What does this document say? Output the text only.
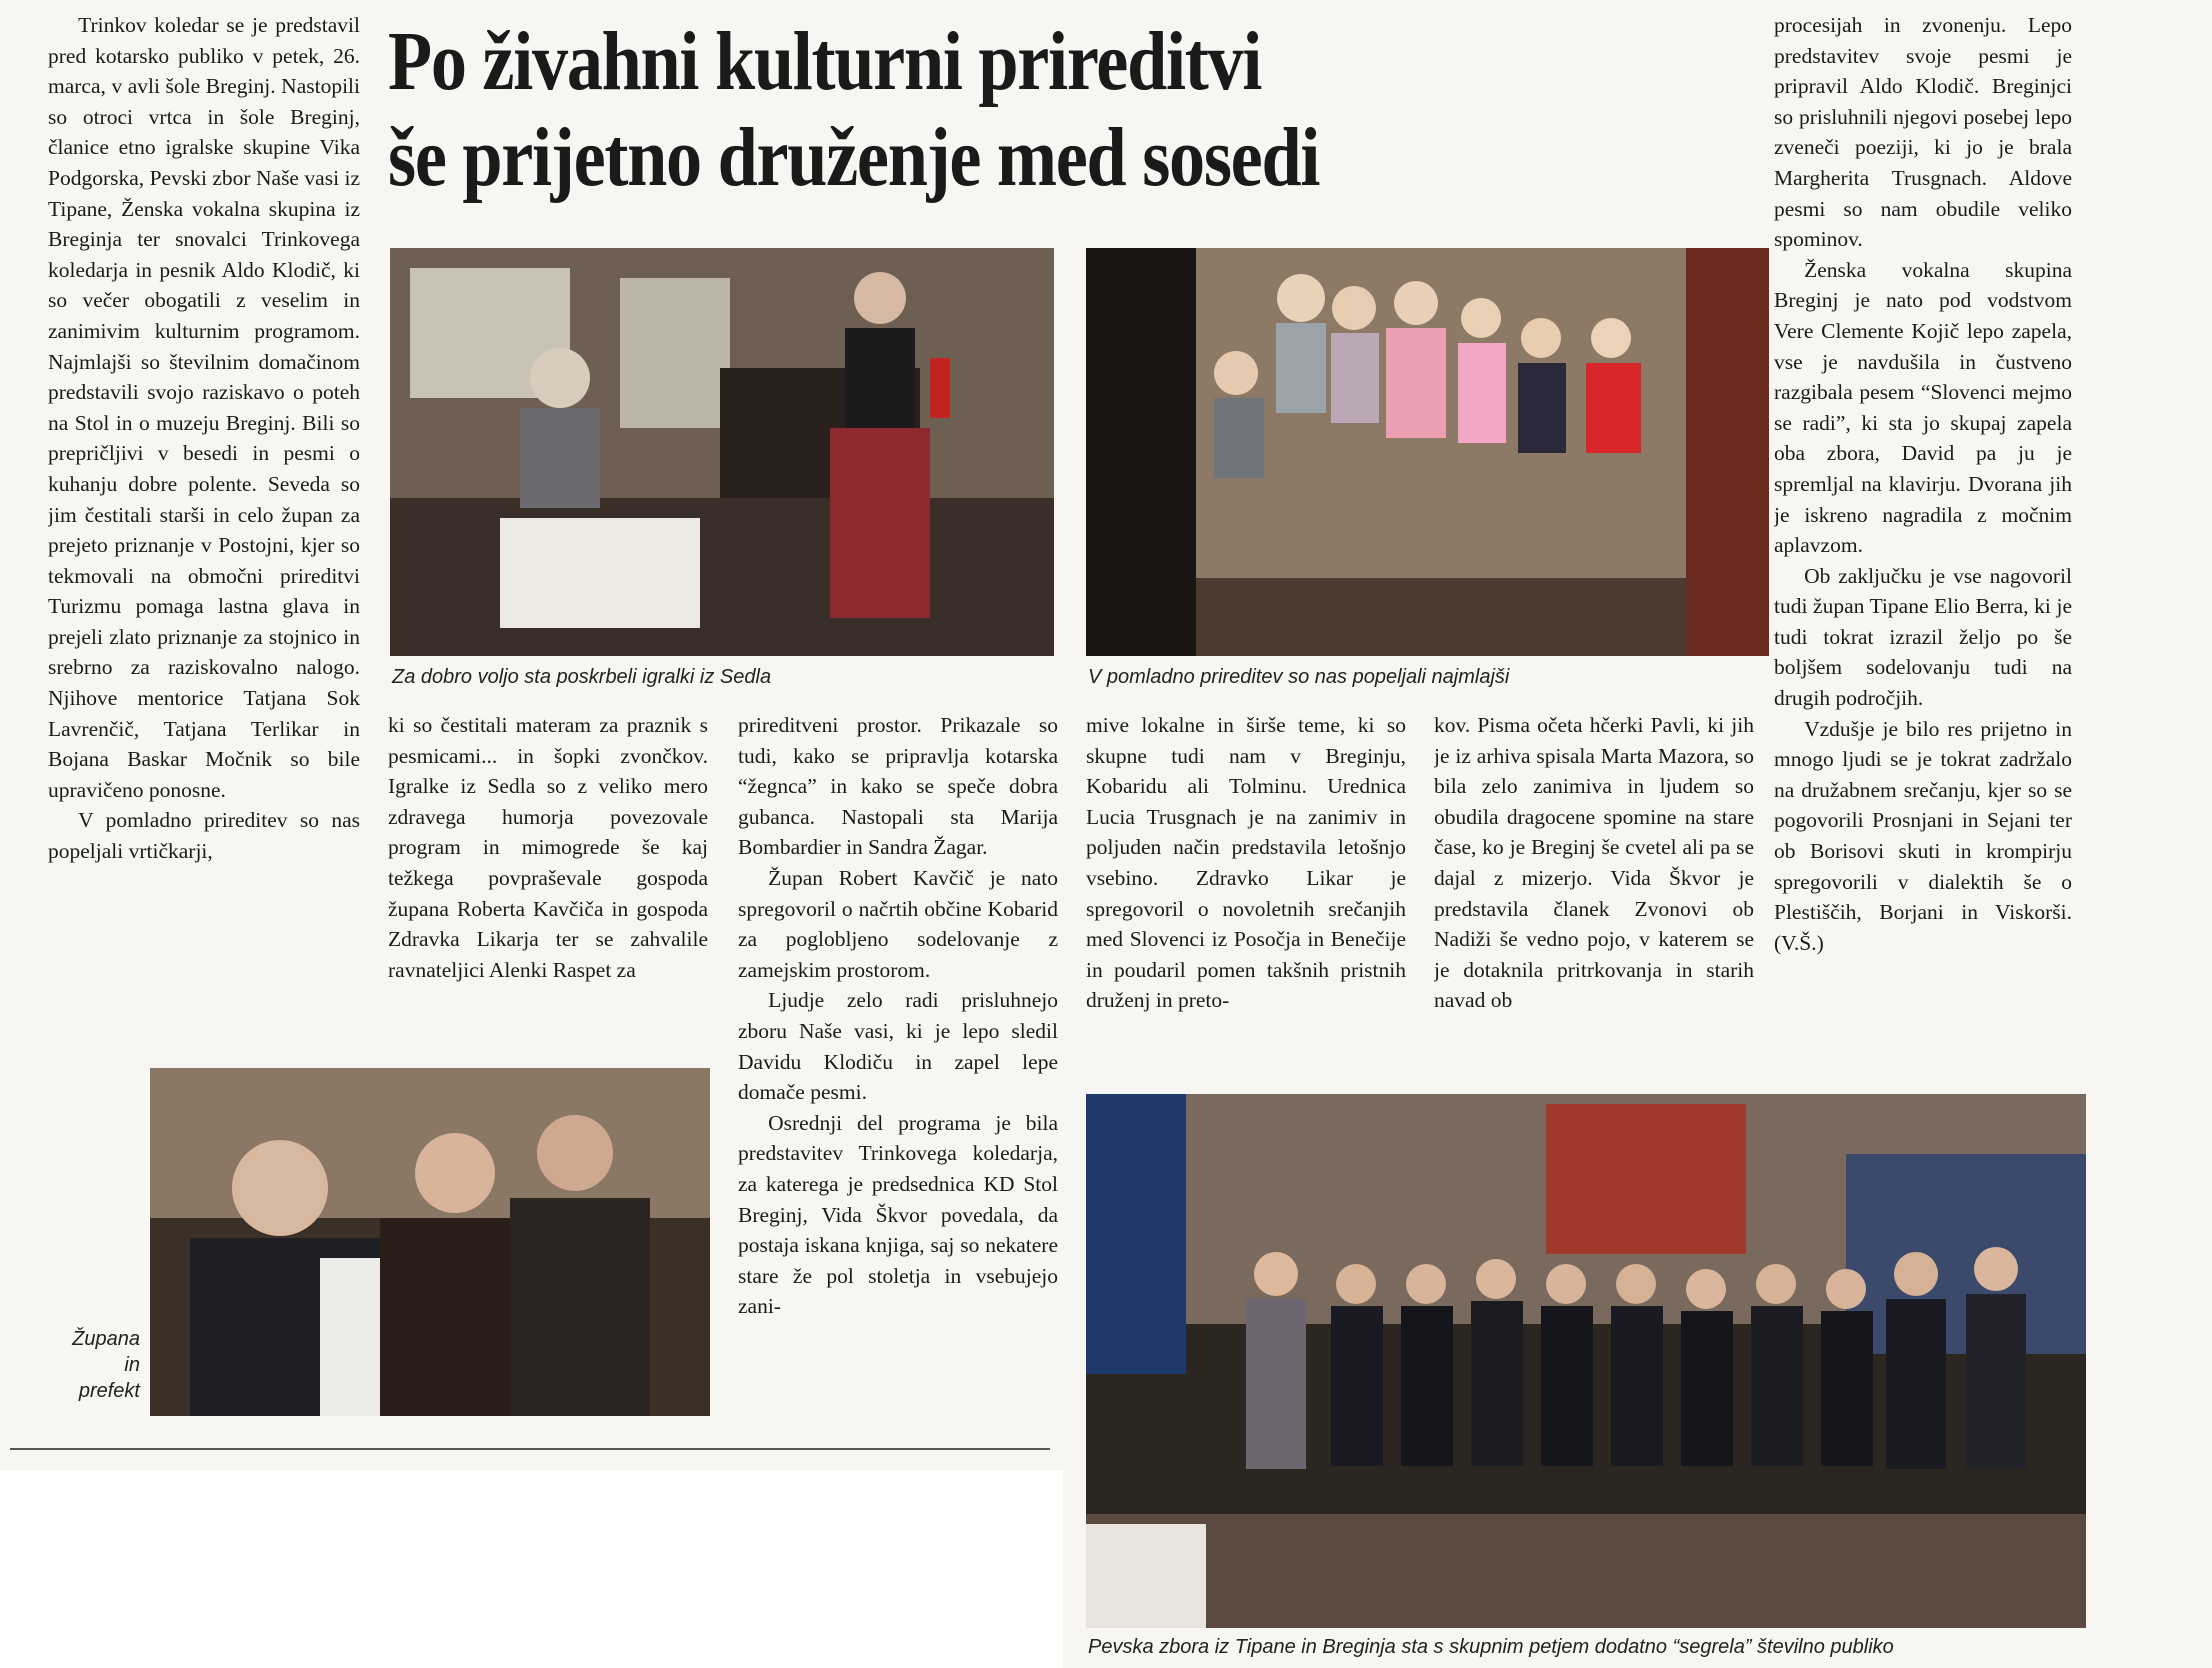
Po živahni kulturni prireditvi
še prijetno druženje med sosedi

Trinkov koledar se je predstavil pred kotarsko publiko v petek, 26. marca, v avli šole Breginj. Nastopili so otroci vrtca in šole Breginj, članice etno igralske skupine Vika Podgorska, Pevski zbor Naše vasi iz Tipane, Ženska vokalna skupina iz Breginja ter snovalci Trinkovega koledarja in pesnik Aldo Klodič, ki so večer obogatili z veselim in zanimivim kulturnim programom. Najmlajši so številnim domačinom predstavili svojo raziskavo o poteh na Stol in o muzeju Breginj. Bili so prepričljivi v besedi in pesmi o kuhanju dobre polente. Seveda so jim čestitali starši in celo župan za prejeto priznanje v Postojni, kjer so tekmovali na območni prireditvi Turizmu pomaga lastna glava in prejeli zlato priznanje za stojnico in srebrno za raziskovalno nalogo. Njihove mentorice Tatjana Sok Lavrenčič, Tatjana Terlikar in Bojana Baskar Močnik so bile upravičeno ponosne.

V pomladno prireditev so nas popeljali vrtičkarji,

Za dobro voljo sta poskrbeli igralki iz Sedla	V pomladno prireditev so nas popeljali najmlajši

procesijah in zvonenju. Lepo predstavitev svoje pesmi je pripravil Aldo Klodič. Breginjci so prisluhnili njegovi posebej lepo zveneči poeziji, ki jo je brala Margherita Trusgnach. Aldove pesmi so nam obudile veliko spominov.

Ženska vokalna skupina Breginj je nato pod vodstvom Vere Clemente Kojič lepo zapela, vse je navdušila in čustveno razgibala pesem “Slovenci mejmo se radi”, ki sta jo skupaj zapela oba zbora, David pa ju je spremljal na klavirju. Dvorana jih je iskreno nagradila z močnim aplavzom.

Ob zaključku je vse nagovoril tudi župan Tipane Elio Berra, ki je tudi tokrat izrazil željo po še boljšem sodelovanju tudi na drugih področjih.

Vzdušje je bilo res prijetno in mnogo ljudi se je tokrat zadržalo na družabnem srečanju, kjer so se pogovorili Prosnjani in Sejani ter ob Borisovi skuti in krompirju spregovorili v dialektih še o Plestiščih, Borjani in Viskorši. (V.Š.)

ki so čestitali materam za praznik s pesmicami... in šopki zvončkov. Igralke iz Sedla so z veliko mero zdravega humorja povezovale program in mimogrede še kaj težkega povpraševale gospoda župana Roberta Kavčiča in gospoda Zdravka Likarja ter se zahvalile ravnateljici Alenki Raspet za

prireditveni prostor. Prikazale so tudi, kako se pripravlja kotarska “žegnca” in kako se speče dobra gubanca. Nastopali sta Marija Bombardier in Sandra Žagar.

Župan Robert Kavčič je nato spregovoril o načrtih občine Kobarid za poglobljeno sodelovanje z zamejskim prostorom.

Ljudje zelo radi prisluhnejo zboru Naše vasi, ki je lepo sledil Davidu Klodiču in zapel lepe domače pesmi.

Osrednji del programa je bila predstavitev Trinkovega koledarja, za katerega je predsednica KD Stol Breginj, Vida Škvor povedala, da postaja iskana knjiga, saj so nekatere stare že pol stoletja in vsebujejo zani-

mive lokalne in širše teme, ki so skupne tudi nam v Breginju, Kobaridu ali Tolminu. Urednica Lucia Trusgnach je na zanimiv in poljuden način predstavila letošnjo vsebino. Zdravko Likar je spregovoril o novoletnih srečanjih med Slovenci iz Posočja in Benečije in poudaril pomen takšnih pristnih druženj in preto-

kov. Pisma očeta hčerki Pavli, ki jih je iz arhiva spisala Marta Mazora, so bila zelo zanimiva in ljudem so obudila dragocene spomine na stare čase, ko je Breginj še cvetel ali pa se dajal z mizerjo. Vida Škvor je predstavila članek Zvonovi ob Nadiži še vedno pojo, v katerem se je dotaknila pritrkovanja in starih navad ob

Župana
in
prefekt
Pevska zbora iz Tipane in Breginja sta s skupnim petjem dodatno “segrela” številno publiko
